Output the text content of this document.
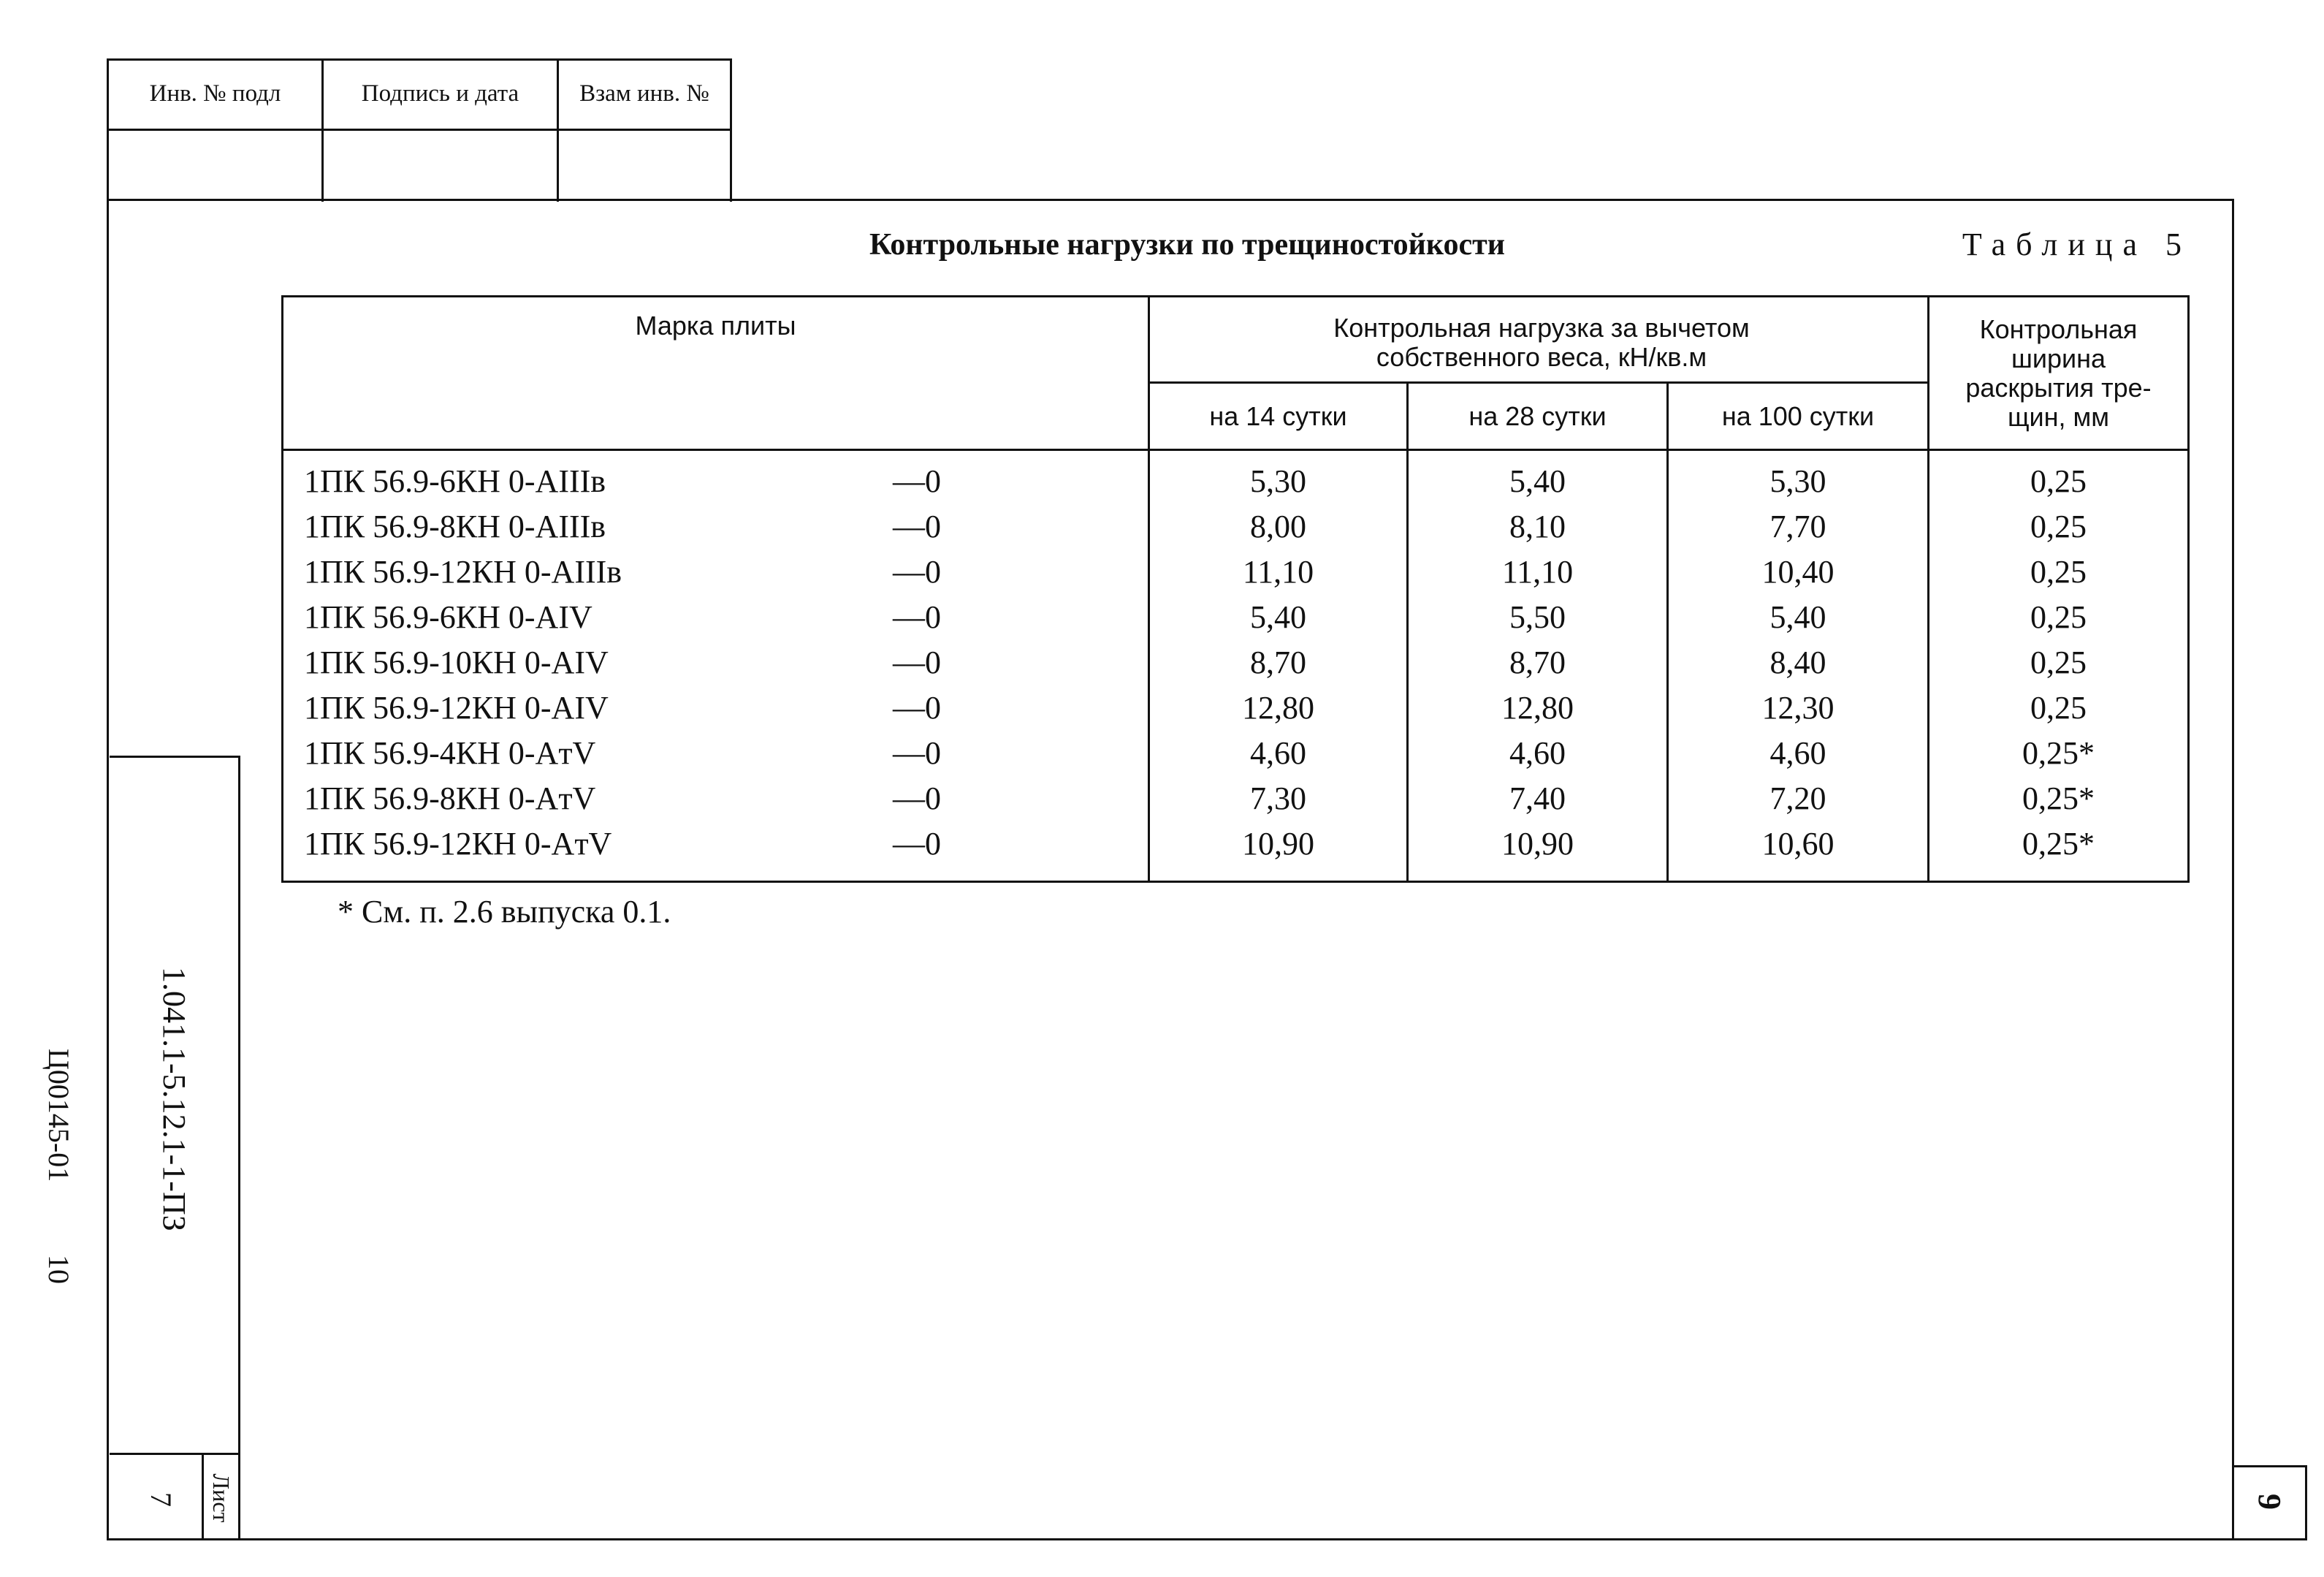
Инв. № подл	Подпись и дата	Взам инв. №
1.041.1-5.12.1-1-ПЗ
Ц00145-01
10
Лист
7	9
Контрольные нагрузки по трещиностойкости	Таблица 5
Марка плиты	Контрольная нагрузка за вычетом собственного веса, кН/кв.м
на 14 сутки	на 28 сутки	на 100 сутки
Контрольная ширина раскрытия тре-щин, мм
1ПК 56.9-6КН 0-AIIIв	—0	5,30	5,40	5,30	0,25
1ПК 56.9-8КН 0-AIIIв	—0	8,00	8,10	7,70	0,25
1ПК 56.9-12КН 0-AIIIв	—0	11,10	11,10	10,40	0,25
1ПК 56.9-6КН 0-AIV	—0	5,40	5,50	5,40	0,25
1ПК 56.9-10КН 0-AIV	—0	8,70	8,70	8,40	0,25
1ПК 56.9-12КН 0-AIV	—0	12,80	12,80	12,30	0,25
1ПК 56.9-4КН 0-AтV	—0	4,60	4,60	4,60	0,25*
1ПК 56.9-8КН 0-AтV	—0	7,30	7,40	7,20	0,25*
1ПК 56.9-12КН 0-AтV	—0	10,90	10,90	10,60	0,25*
* См. п. 2.6 выпуска 0.1.
